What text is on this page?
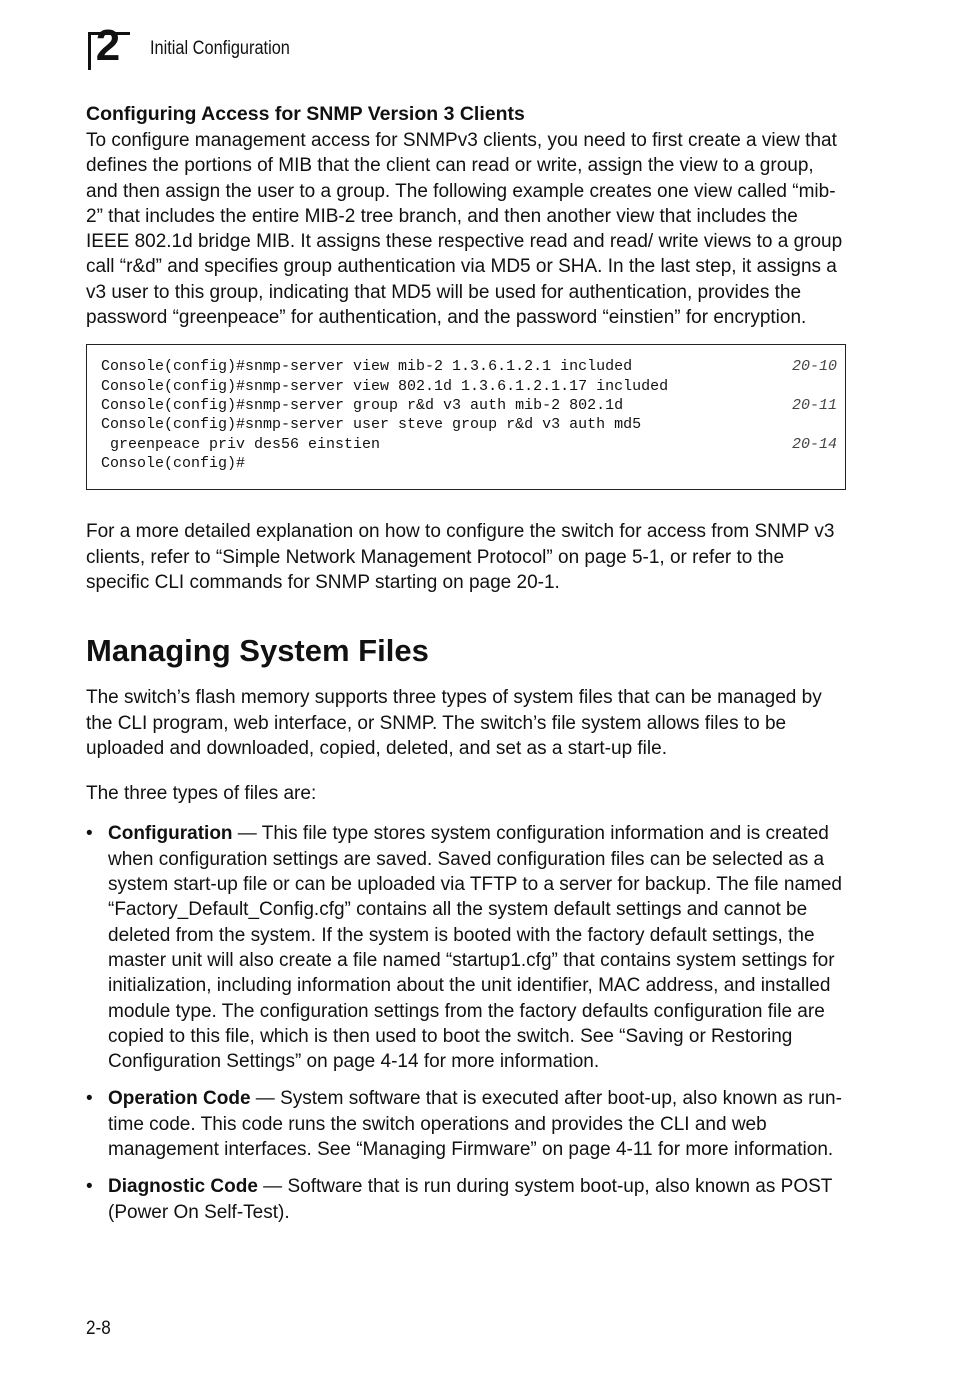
2	Initial Configuration
Configuring Access for SNMP Version 3 Clients

To configure management access for SNMPv3 clients, you need to first create a view that defines the portions of MIB that the client can read or write, assign the view to a group, and then assign the user to a group. The following example creates one view called “mib-2” that includes the entire MIB-2 tree branch, and then another view that includes the IEEE 802.1d bridge MIB. It assigns these respective read and read/ write views to a group call “r&d” and specifies group authentication via MD5 or SHA. In the last step, it assigns a v3 user to this group, indicating that MD5 will be used for authentication, provides the password “greenpeace” for authentication, and the password “einstien” for encryption.

Console(config)#snmp-server view mib-2 1.3.6.1.2.1 included	20-10
Console(config)#snmp-server view 802.1d 1.3.6.1.2.1.17 included
Console(config)#snmp-server group r&d v3 auth mib-2 802.1d	20-11
Console(config)#snmp-server user steve group r&d v3 auth md5
greenpeace priv des56 einstien	20-14
Console(config)#

For a more detailed explanation on how to configure the switch for access from SNMP v3 clients, refer to “Simple Network Management Protocol” on page 5-1, or refer to the specific CLI commands for SNMP starting on page 20-1.

Managing System Files

The switch’s flash memory supports three types of system files that can be managed by the CLI program, web interface, or SNMP. The switch’s file system allows files to be uploaded and downloaded, copied, deleted, and set as a start-up file.

The three types of files are:

• Configuration — This file type stores system configuration information and is created when configuration settings are saved. Saved configuration files can be selected as a system start-up file or can be uploaded via TFTP to a server for backup. The file named “Factory_Default_Config.cfg” contains all the system default settings and cannot be deleted from the system. If the system is booted with the factory default settings, the master unit will also create a file named “startup1.cfg” that contains system settings for initialization, including information about the unit identifier, MAC address, and installed module type. The configuration settings from the factory defaults configuration file are copied to this file, which is then used to boot the switch. See “Saving or Restoring Configuration Settings” on page 4-14 for more information.
• Operation Code — System software that is executed after boot-up, also known as run-time code. This code runs the switch operations and provides the CLI and web management interfaces. See “Managing Firmware” on page 4-11 for more information.
• Diagnostic Code — Software that is run during system boot-up, also known as POST (Power On Self-Test).
2-8
